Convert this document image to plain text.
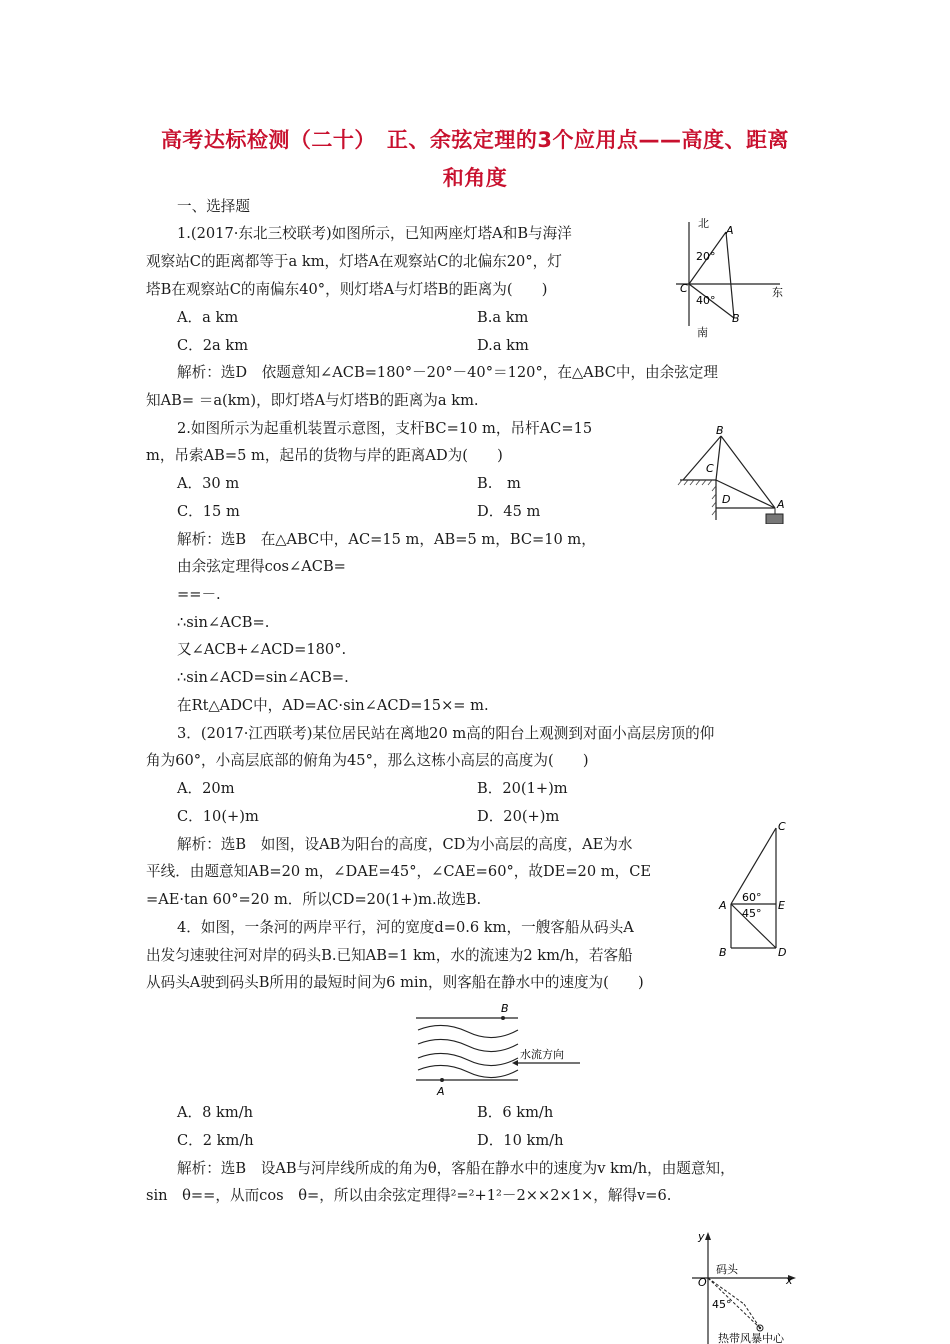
高考达标检测（二十）　正、余弦定理的3个应用点——高度、距离
和角度
一、选择题
1.(2017·东北三校联考)如图所示，已知两座灯塔A和B与海洋
观察站C的距离都等于a km，灯塔A在观察站C的北偏东20°，灯
塔B在观察站C的南偏东40°，则灯塔A与灯塔B的距离为(　　)
A．a km	B.a km
C．2a km	D.a km
解析：选D　依题意知∠ACB=180°－20°－40°＝120°，在△ABC中，由余弦定理
知AB= ＝a(km)，即灯塔A与灯塔B的距离为a km.
北
东
南
A
B
C
20°
40°
2.如图所示为起重机装置示意图，支杆BC=10 m，吊杆AC=15
m，吊索AB=5 m，起吊的货物与岸的距离AD为(　　)
A．30 m	B.　m
C．15 m	D．45 m
解析：选B　在△ABC中，AC=15 m，AB=5 m，BC=10 m，
由余弦定理得cos∠ACB=
==－.
∴sin∠ACB=.
又∠ACB+∠ACD=180°.
∴sin∠ACD=sin∠ACB=.
在Rt△ADC中，AD=AC·sin∠ACD=15×= m.
B
C
D	A
3．(2017·江西联考)某位居民站在离地20 m高的阳台上观测到对面小高层房顶的仰
角为60°，小高层底部的俯角为45°，那么这栋小高层的高度为(　　)
A．20m	B．20(1+)m
C．10(+)m	D．20(+)m
解析：选B　如图，设AB为阳台的高度，CD为小高层的高度，AE为水
平线．由题意知AB=20 m，∠DAE=45°，∠CAE=60°，故DE=20 m，CE
=AE·tan 60°=20 m．所以CD=20(1+)m.故选B.
C
E
D
A
B
60°
45°
4．如图，一条河的两岸平行，河的宽度d=0.6 km，一艘客船从码头A
出发匀速驶往河对岸的码头B.已知AB=1 km，水的流速为2 km/h，若客船
从码头A驶到码头B所用的最短时间为6 min，则客船在静水中的速度为(　　)
B
A
水流方向
A．8 km/h	B．6 km/h
C．2 km/h	D．10 km/h
解析：选B　设AB与河岸线所成的角为θ，客船在静水中的速度为v km/h，由题意知，
sin　θ==，从而cos　θ=，所以由余弦定理得²=²+1²－2××2×1×，解得v=6.
y
x
O
码头
45°
热带风暴中心
